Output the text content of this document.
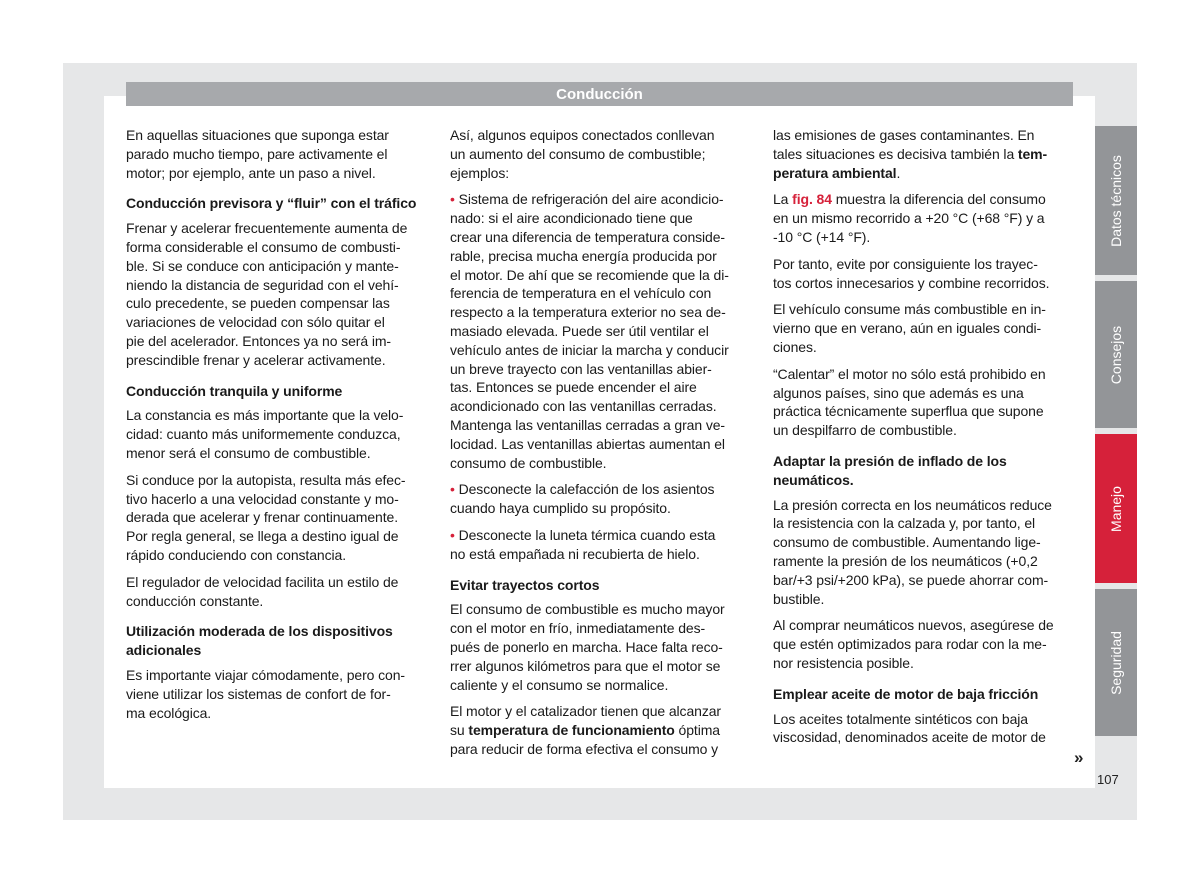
Conducción
En aquellas situaciones que suponga estar
parado mucho tiempo, pare activamente el
motor; por ejemplo, ante un paso a nivel.
Conducción previsora y “fluir” con el tráfico
Frenar y acelerar frecuentemente aumenta de
forma considerable el consumo de combusti-
ble. Si se conduce con anticipación y mante-
niendo la distancia de seguridad con el vehí-
culo precedente, se pueden compensar las
variaciones de velocidad con sólo quitar el
pie del acelerador. Entonces ya no será im-
prescindible frenar y acelerar activamente.
Conducción tranquila y uniforme
La constancia es más importante que la velo-
cidad: cuanto más uniformemente conduzca,
menor será el consumo de combustible.
Si conduce por la autopista, resulta más efec-
tivo hacerlo a una velocidad constante y mo-
derada que acelerar y frenar continuamente.
Por regla general, se llega a destino igual de
rápido conduciendo con constancia.
El regulador de velocidad facilita un estilo de
conducción constante.
Utilización moderada de los dispositivos
adicionales
Es importante viajar cómodamente, pero con-
viene utilizar los sistemas de confort de for-
ma ecológica.
Así, algunos equipos conectados conllevan
un aumento del consumo de combustible;
ejemplos:
• Sistema de refrigeración del aire acondicio-
nado: si el aire acondicionado tiene que
crear una diferencia de temperatura conside-
rable, precisa mucha energía producida por
el motor. De ahí que se recomiende que la di-
ferencia de temperatura en el vehículo con
respecto a la temperatura exterior no sea de-
masiado elevada. Puede ser útil ventilar el
vehículo antes de iniciar la marcha y conducir
un breve trayecto con las ventanillas abier-
tas. Entonces se puede encender el aire
acondicionado con las ventanillas cerradas.
Mantenga las ventanillas cerradas a gran ve-
locidad. Las ventanillas abiertas aumentan el
consumo de combustible.
• Desconecte la calefacción de los asientos
cuando haya cumplido su propósito.
• Desconecte la luneta térmica cuando esta
no está empañada ni recubierta de hielo.
Evitar trayectos cortos
El consumo de combustible es mucho mayor
con el motor en frío, inmediatamente des-
pués de ponerlo en marcha. Hace falta reco-
rrer algunos kilómetros para que el motor se
caliente y el consumo se normalice.
El motor y el catalizador tienen que alcanzar
su temperatura de funcionamiento óptima
para reducir de forma efectiva el consumo y
las emisiones de gases contaminantes. En
tales situaciones es decisiva también la tem-
peratura ambiental.
La fig. 84 muestra la diferencia del consumo
en un mismo recorrido a +20 °C (+68 °F) y a
-10 °C (+14 °F).
Por tanto, evite por consiguiente los trayec-
tos cortos innecesarios y combine recorridos.
El vehículo consume más combustible en in-
vierno que en verano, aún en iguales condi-
ciones.
“Calentar” el motor no sólo está prohibido en
algunos países, sino que además es una
práctica técnicamente superflua que supone
un despilfarro de combustible.
Adaptar la presión de inflado de los
neumáticos.
La presión correcta en los neumáticos reduce
la resistencia con la calzada y, por tanto, el
consumo de combustible. Aumentando lige-
ramente la presión de los neumáticos (+0,2
bar/+3 psi/+200 kPa), se puede ahorrar com-
bustible.
Al comprar neumáticos nuevos, asegúrese de
que estén optimizados para rodar con la me-
nor resistencia posible.
Emplear aceite de motor de baja fricción
Los aceites totalmente sintéticos con baja
viscosidad, denominados aceite de motor de
Datos técnicos
Consejos
Manejo
Seguridad
»
107
